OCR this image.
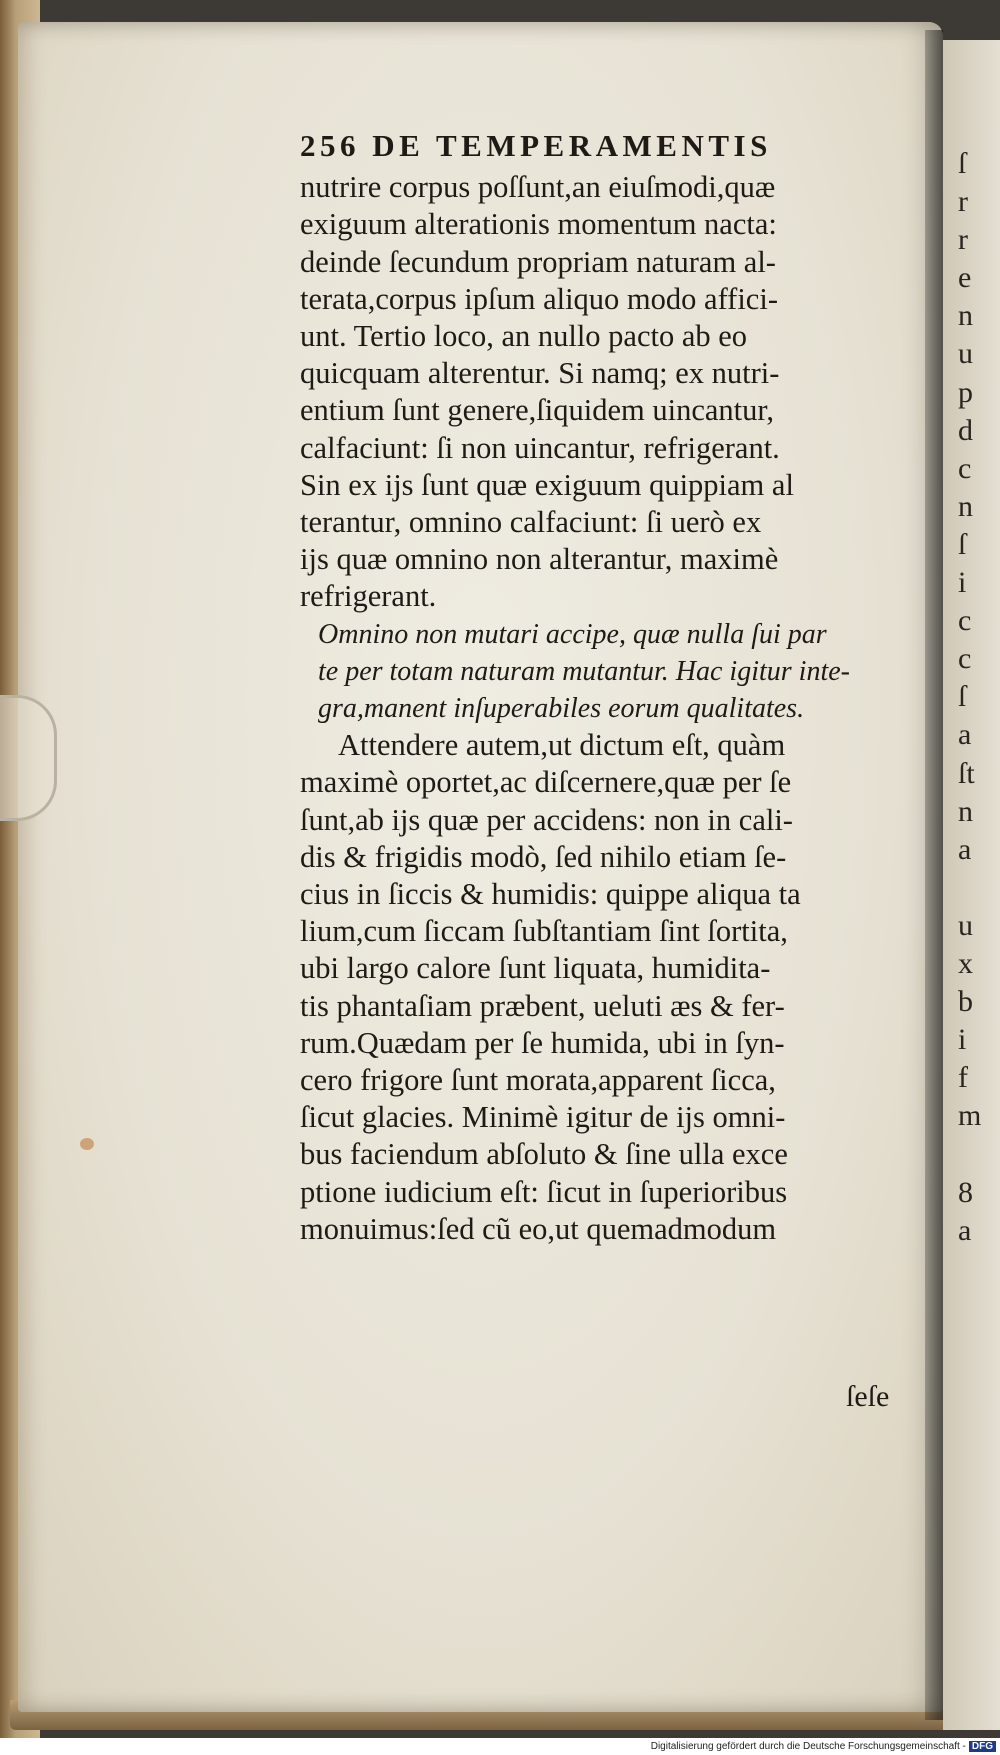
256 DE TEMPERAMENTIS
nutrire corpus poſſunt,an eiuſmodi,quæ
exiguum alterationis momentum nacta:
deinde ſecundum propriam naturam al-
terata,corpus ipſum aliquo modo affici-
unt. Tertio loco, an nullo pacto ab eo
quicquam alterentur. Si namq; ex nutri-
entium ſunt genere,ſiquidem uincantur,
calfaciunt: ſi non uincantur, refrigerant.
Sin ex ijs ſunt quæ exiguum quippiam al
terantur, omnino calfaciunt: ſi uerò ex
ijs quæ omnino non alterantur, maximè
refrigerant.
Omnino non mutari accipe, quæ nulla ſui par
te per totam naturam mutantur. Hac igitur inte-
gra,manent inſuperabiles eorum qualitates.
Attendere autem,ut dictum eſt, quàm
maximè oportet,ac diſcernere,quæ per ſe
ſunt,ab ijs quæ per accidens: non in cali-
dis & frigidis modò, ſed nihilo etiam ſe-
cius in ſiccis & humidis: quippe aliqua ta
lium,cum ſiccam ſubſtantiam ſint ſortita,
ubi largo calore ſunt liquata, humidita-
tis phantaſiam præbent, ueluti æs & fer-
rum.Quædam per ſe humida, ubi in ſyn-
cero frigore ſunt morata,apparent ſicca,
ſicut glacies. Minimè igitur de ijs omni-
bus faciendum abſoluto & ſine ulla exce
ptione iudicium eſt: ſicut in ſuperioribus
monuimus:ſed cũ eo,ut quemadmodum
ſeſe
ſ
r
r
e
n
u
p
d
c
n
ſ
i
c
c
ſ
a
ſt
n
a

u
x
b
i
f
m

8
a
Digitalisierung gefördert durch die Deutsche Forschungsgemeinschaft - DFG
